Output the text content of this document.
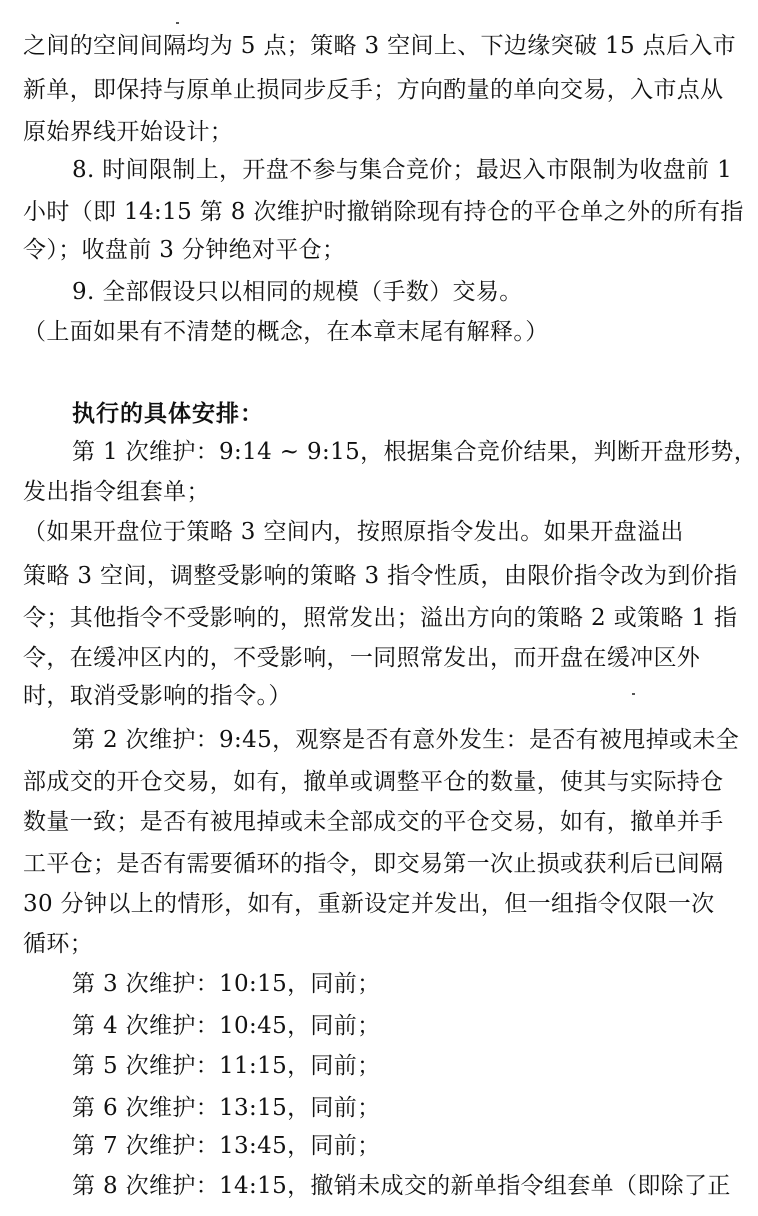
之间的空间间隔均为 5 点；策略 3 空间上、下边缘突破 15 点后入市
新单，即保持与原单止损同步反手；方向酌量的单向交易，入市点从
原始界线开始设计；
8. 时间限制上，开盘不参与集合竞价；最迟入市限制为收盘前 1
小时（即 14:15 第 8 次维护时撤销除现有持仓的平仓单之外的所有指
令）；收盘前 3 分钟绝对平仓；
9. 全部假设只以相同的规模（手数）交易。
（上面如果有不清楚的概念，在本章末尾有解释。）
执行的具体安排：
第 1 次维护：9:14 ~ 9:15，根据集合竞价结果，判断开盘形势，
发出指令组套单；
（如果开盘位于策略 3 空间内，按照原指令发出。如果开盘溢出
策略 3 空间，调整受影响的策略 3 指令性质，由限价指令改为到价指
令；其他指令不受影响的，照常发出；溢出方向的策略 2 或策略 1 指
令，在缓冲区内的，不受影响，一同照常发出，而开盘在缓冲区外
时，取消受影响的指令。）
第 2 次维护：9:45，观察是否有意外发生：是否有被甩掉或未全
部成交的开仓交易，如有，撤单或调整平仓的数量，使其与实际持仓
数量一致；是否有被甩掉或未全部成交的平仓交易，如有，撤单并手
工平仓；是否有需要循环的指令，即交易第一次止损或获利后已间隔
30 分钟以上的情形，如有，重新设定并发出，但一组指令仅限一次
循环；
第 3 次维护：10:15，同前；
第 4 次维护：10:45，同前；
第 5 次维护：11:15，同前；
第 6 次维护：13:15，同前；
第 7 次维护：13:45，同前；
第 8 次维护：14:15，撤销未成交的新单指令组套单（即除了正
